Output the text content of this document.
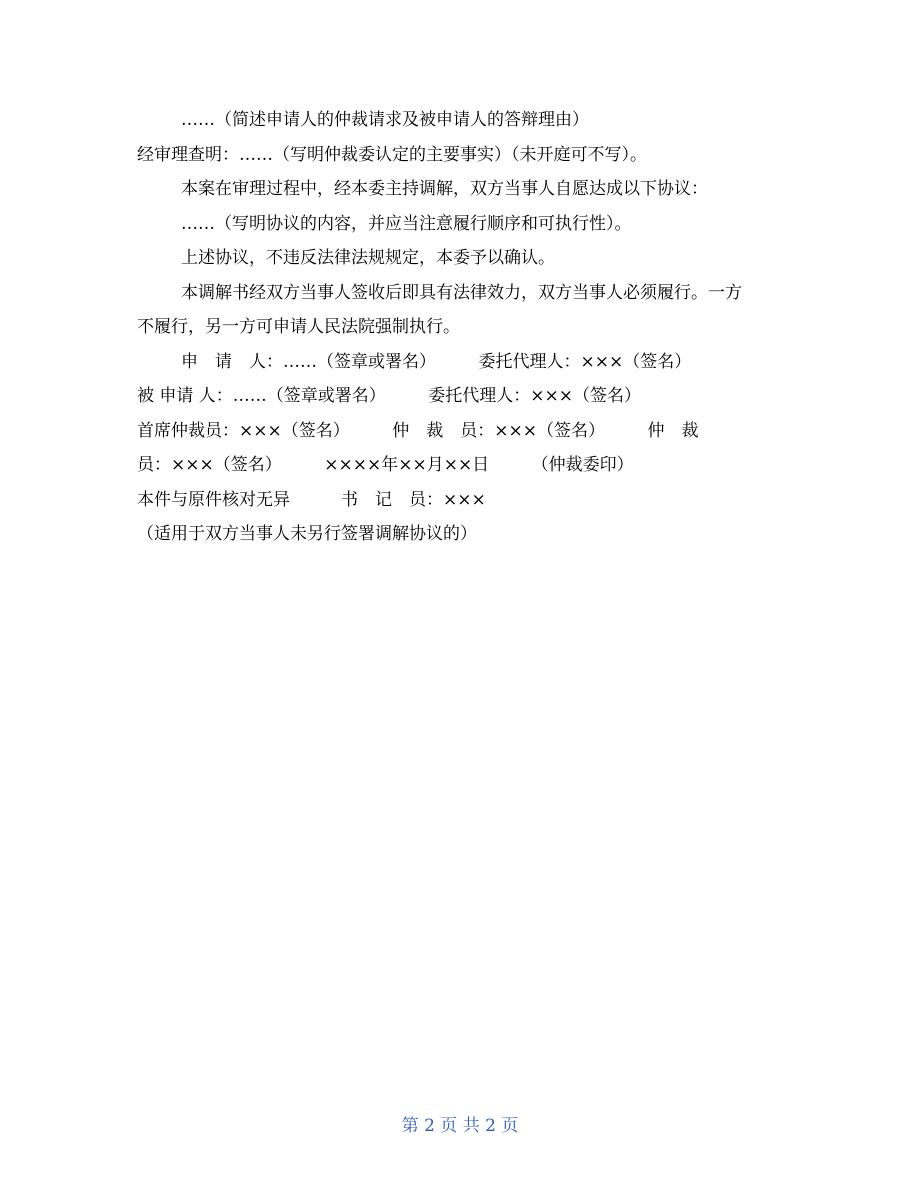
……（简述申请人的仲裁请求及被申请人的答辩理由）
经审理查明：……（写明仲裁委认定的主要事实）（未开庭可不写）。
本案在审理过程中，经本委主持调解，双方当事人自愿达成以下协议：
……（写明协议的内容，并应当注意履行顺序和可执行性）。
上述协议，不违反法律法规规定，本委予以确认。
本调解书经双方当事人签收后即具有法律效力，双方当事人必须履行。一方
不履行，另一方可申请人民法院强制执行。
申　请　人：……（签章或署名）　　　委托代理人：×××（签名）
被 申请 人：……（签章或署名）　　　委托代理人：×××（签名）
首席仲裁员：×××（签名）　　　仲　裁　员：×××（签名）　　　仲　裁
员：×××（签名）　　　××××年××月××日　　　（仲裁委印）
本件与原件核对无异　　　书　记　员：×××
（适用于双方当事人未另行签署调解协议的）
第 2 页 共 2 页
